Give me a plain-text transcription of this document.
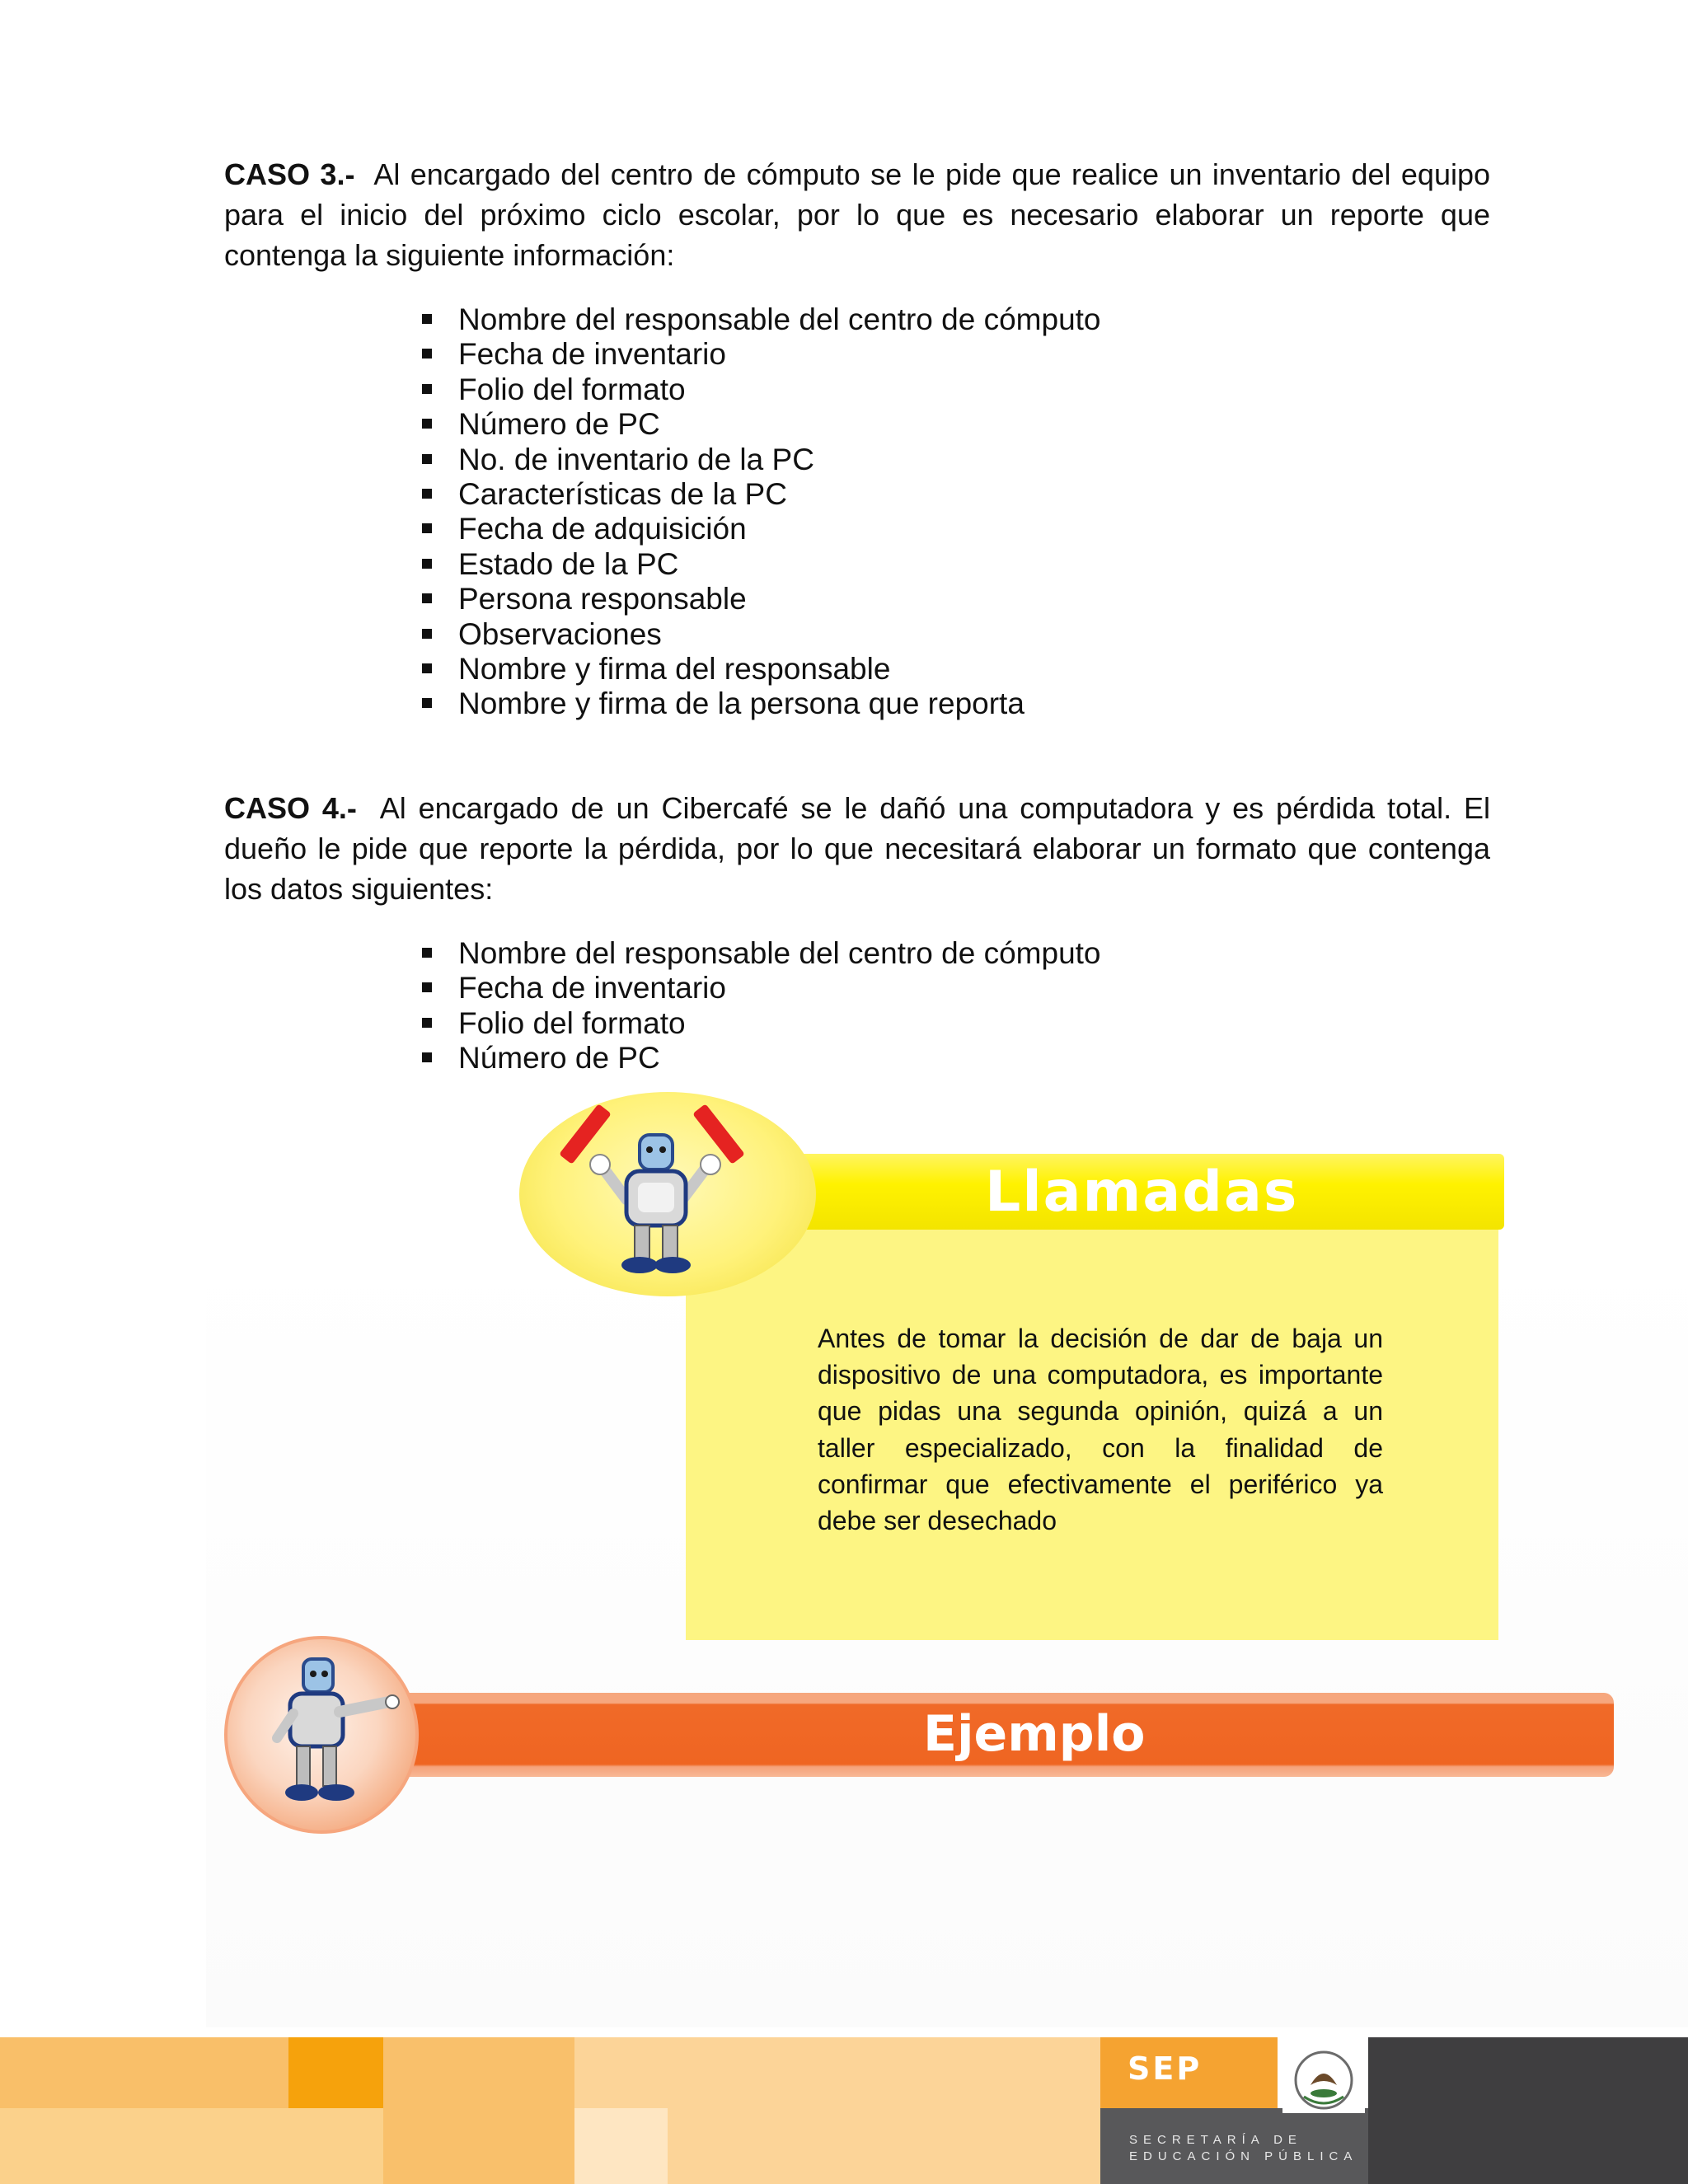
CASO 3.- Al encargado del centro de cómputo se le pide que realice un inventario del equipo para el inicio del próximo ciclo escolar, por lo que es necesario elaborar un reporte que contenga la siguiente información:

Nombre del responsable del centro de cómputo
Fecha de inventario
Folio del formato
Número de PC
No. de inventario de la PC
Características de la PC
Fecha de adquisición
Estado de la PC
Persona responsable
Observaciones
Nombre y firma del responsable
Nombre y firma de la persona que reporta

CASO 4.- Al encargado de un Cibercafé se le dañó una computadora y es pérdida total. El dueño le pide que reporte la pérdida, por lo que necesitará elaborar un formato que contenga los datos siguientes:

Nombre del responsable del centro de cómputo
Fecha de inventario
Folio del formato
Número de PC
Llamadas

Antes de tomar la decisión de dar de baja un dispositivo de una computadora, es importante que pidas una segunda opinión, quizá a un taller especializado, con la finalidad de confirmar que efectivamente el periférico ya debe ser desechado

Ejemplo
SEP
SECRETARÍA DE
EDUCACIÓN PÚBLICA
